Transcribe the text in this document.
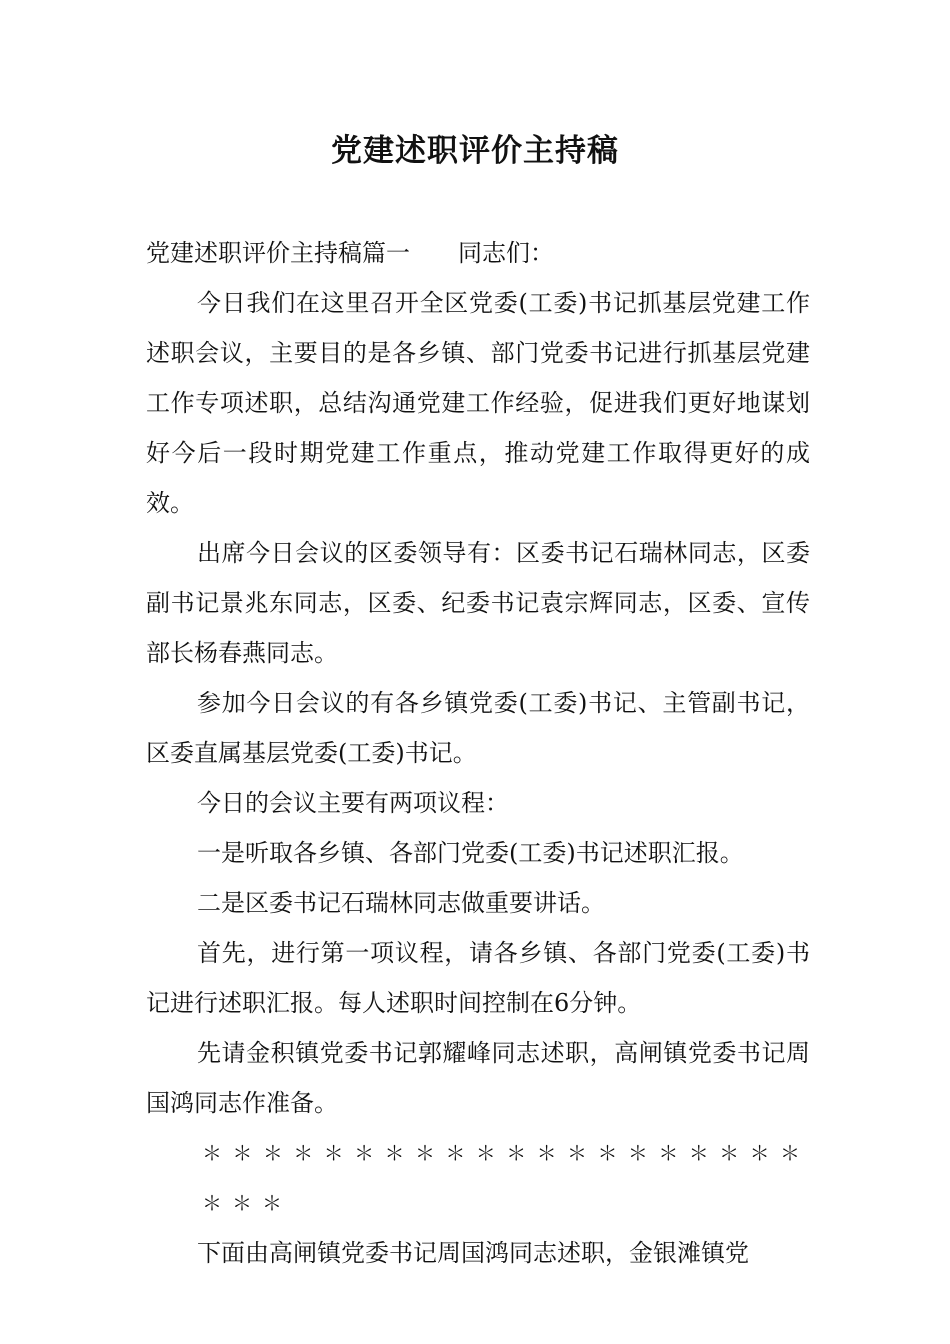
党建述职评价主持稿

党建述职评价主持稿篇一 同志们：

今日我们在这里召开全区党委(工委)书记抓基层党建工作述职会议，主要目的是各乡镇、部门党委书记进行抓基层党建工作专项述职，总结沟通党建工作经验，促进我们更好地谋划好今后一段时期党建工作重点，推动党建工作取得更好的成效。

出席今日会议的区委领导有：区委书记石瑞林同志，区委副书记景兆东同志，区委、纪委书记袁宗辉同志，区委、宣传部长杨春燕同志。

参加今日会议的有各乡镇党委(工委)书记、主管副书记，区委直属基层党委(工委)书记。

今日的会议主要有两项议程：

一是听取各乡镇、各部门党委(工委)书记述职汇报。

二是区委书记石瑞林同志做重要讲话。

首先，进行第一项议程，请各乡镇、各部门党委(工委)书记进行述职汇报。每人述职时间控制在6分钟。

先请金积镇党委书记郭耀峰同志述职，高闸镇党委书记周国鸿同志作准备。

＊＊＊＊＊＊＊＊＊＊＊＊＊＊＊＊＊＊＊＊＊＊＊

下面由高闸镇党委书记周国鸿同志述职，金银滩镇党
